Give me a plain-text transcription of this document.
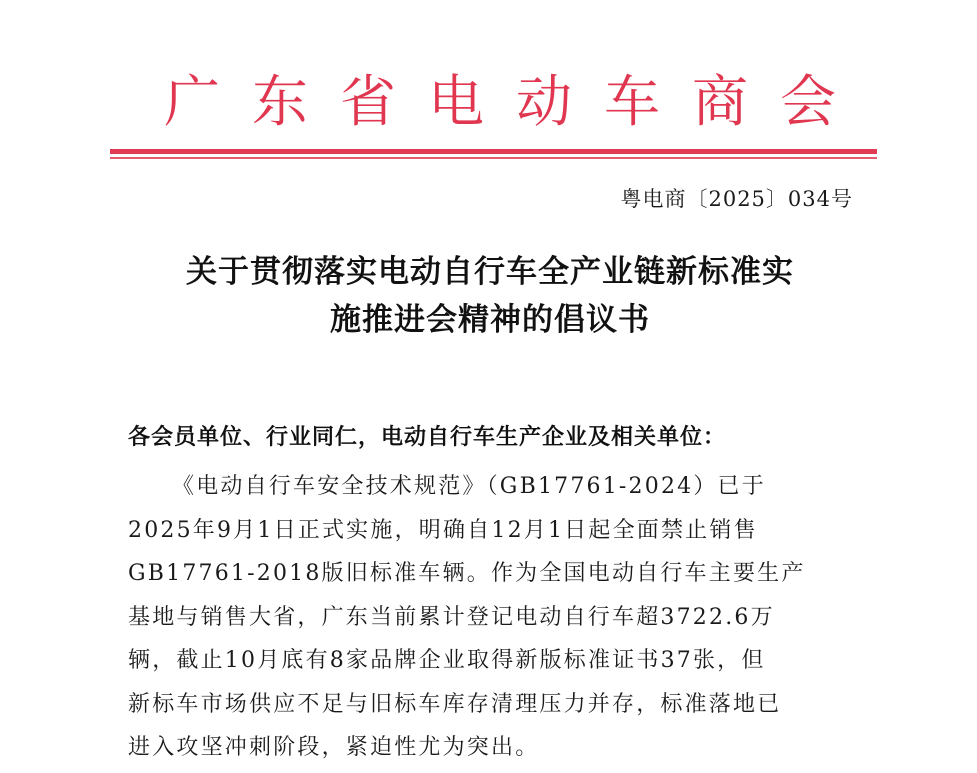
广 东 省 电 动 车 商 会
粤电商〔2025〕034号
关于贯彻落实电动自行车全产业链新标准实
施推进会精神的倡议书
各会员单位、行业同仁，电动自行车生产企业及相关单位：
《电动自行车安全技术规范》（GB17761-2024）已于
2025年9月1日正式实施，明确自12月1日起全面禁止销售
GB17761-2018版旧标准车辆。作为全国电动自行车主要生产
基地与销售大省，广东当前累计登记电动自行车超3722.6万
辆，截止10月底有8家品牌企业取得新版标准证书37张，但
新标车市场供应不足与旧标车库存清理压力并存，标准落地已
进入攻坚冲刺阶段，紧迫性尤为突出。
